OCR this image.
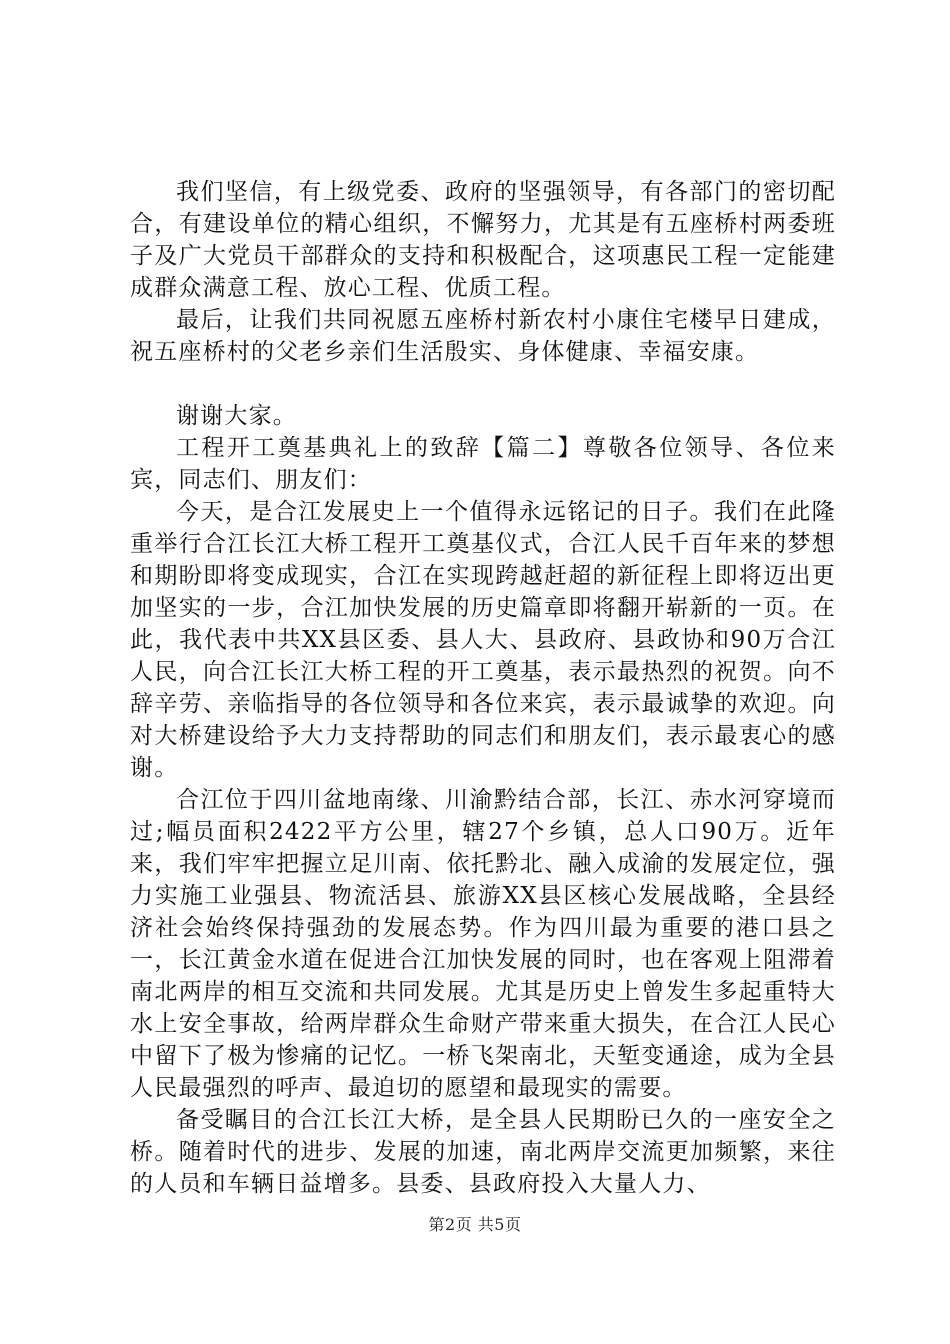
我们坚信，有上级党委、政府的坚强领导，有各部门的密切配合，有建设单位的精心组织，不懈努力，尤其是有五座桥村两委班子及广大党员干部群众的支持和积极配合，这项惠民工程一定能建成群众满意工程、放心工程、优质工程。

最后，让我们共同祝愿五座桥村新农村小康住宅楼早日建成，祝五座桥村的父老乡亲们生活殷实、身体健康、幸福安康。

谢谢大家。

工程开工奠基典礼上的致辞【篇二】尊敬各位领导、各位来宾，同志们、朋友们：

今天，是合江发展史上一个值得永远铭记的日子。我们在此隆重举行合江长江大桥工程开工奠基仪式，合江人民千百年来的梦想和期盼即将变成现实，合江在实现跨越赶超的新征程上即将迈出更加坚实的一步，合江加快发展的历史篇章即将翻开崭新的一页。在此，我代表中共XX县区委、县人大、县政府、县政协和90万合江人民，向合江长江大桥工程的开工奠基，表示最热烈的祝贺。向不辞辛劳、亲临指导的各位领导和各位来宾，表示最诚挚的欢迎。向对大桥建设给予大力支持帮助的同志们和朋友们，表示最衷心的感谢。

合江位于四川盆地南缘、川渝黔结合部，长江、赤水河穿境而过;幅员面积2422平方公里，辖27个乡镇，总人口90万。近年来，我们牢牢把握立足川南、依托黔北、融入成渝的发展定位，强力实施工业强县、物流活县、旅游XX县区核心发展战略，全县经济社会始终保持强劲的发展态势。作为四川最为重要的港口县之一，长江黄金水道在促进合江加快发展的同时，也在客观上阻滞着南北两岸的相互交流和共同发展。尤其是历史上曾发生多起重特大水上安全事故，给两岸群众生命财产带来重大损失，在合江人民心中留下了极为惨痛的记忆。一桥飞架南北，天堑变通途，成为全县人民最强烈的呼声、最迫切的愿望和最现实的需要。

备受瞩目的合江长江大桥，是全县人民期盼已久的一座安全之桥。随着时代的进步、发展的加速，南北两岸交流更加频繁，来往的人员和车辆日益增多。县委、县政府投入大量人力、

第2页 共5页
